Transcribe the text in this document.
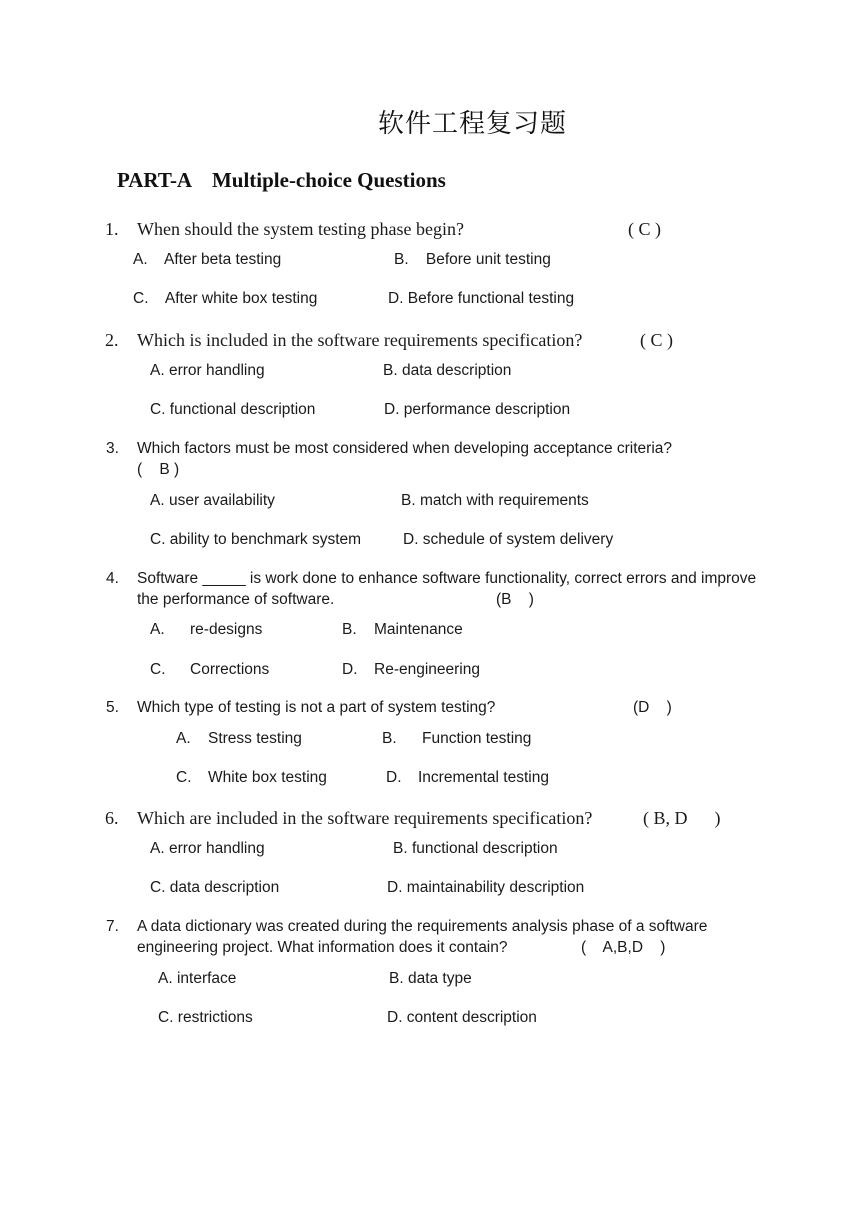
软件工程复习题
PART-A    Multiple-choice Questions
1. When should the system testing phase begin?	( C )
A.    After beta testing	B.    Before unit testing
C.    After white box testing	D. Before functional testing
2. Which is included in the software requirements specification?	( C )
A. error handling	B. data description
C. functional description	D. performance description
3. Which factors must be most considered when developing acceptance criteria?
(    B )
A. user availability	B. match with requirements
C. ability to benchmark system	D. schedule of system delivery
4. Software _____ is work done to enhance software functionality, correct errors and improve
the performance of software.	(B    )
A. re-designs	B. Maintenance
C. Corrections	D. Re-engineering
5. Which type of testing is not a part of system testing?	(D    )
A. Stress testing	B. Function testing
C. White box testing	D. Incremental testing
6. Which are included in the software requirements specification?	( B, D      )
A. error handling	B. functional description
C. data description	D. maintainability description
7. A data dictionary was created during the requirements analysis phase of a software
engineering project. What information does it contain?	(    A,B,D    )
A. interface	B. data type
C. restrictions	D. content description
